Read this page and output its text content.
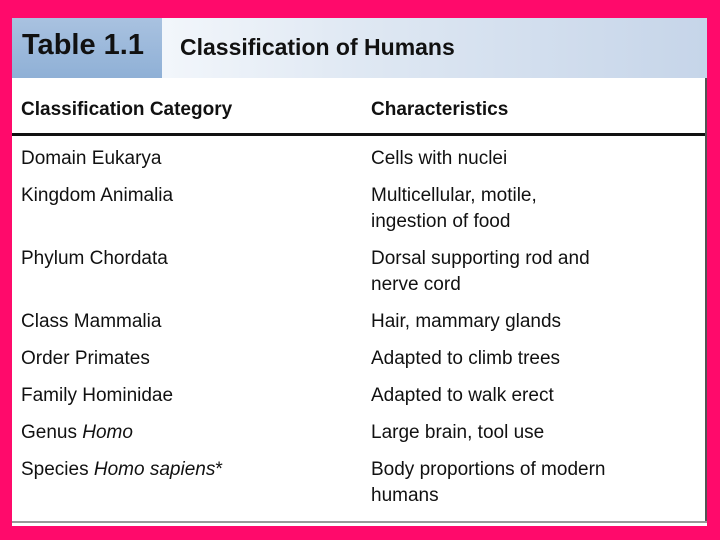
Table 1.1 Classification of Humans
Classification Category	Characteristics
Domain Eukarya	Cells with nuclei
Kingdom Animalia	Multicellular, motile,
ingestion of food
Phylum Chordata	Dorsal supporting rod and
nerve cord
Class Mammalia	Hair, mammary glands
Order Primates	Adapted to climb trees
Family Hominidae	Adapted to walk erect
Genus Homo	Large brain, tool use
Species Homo sapiens*	Body proportions of modern
humans
